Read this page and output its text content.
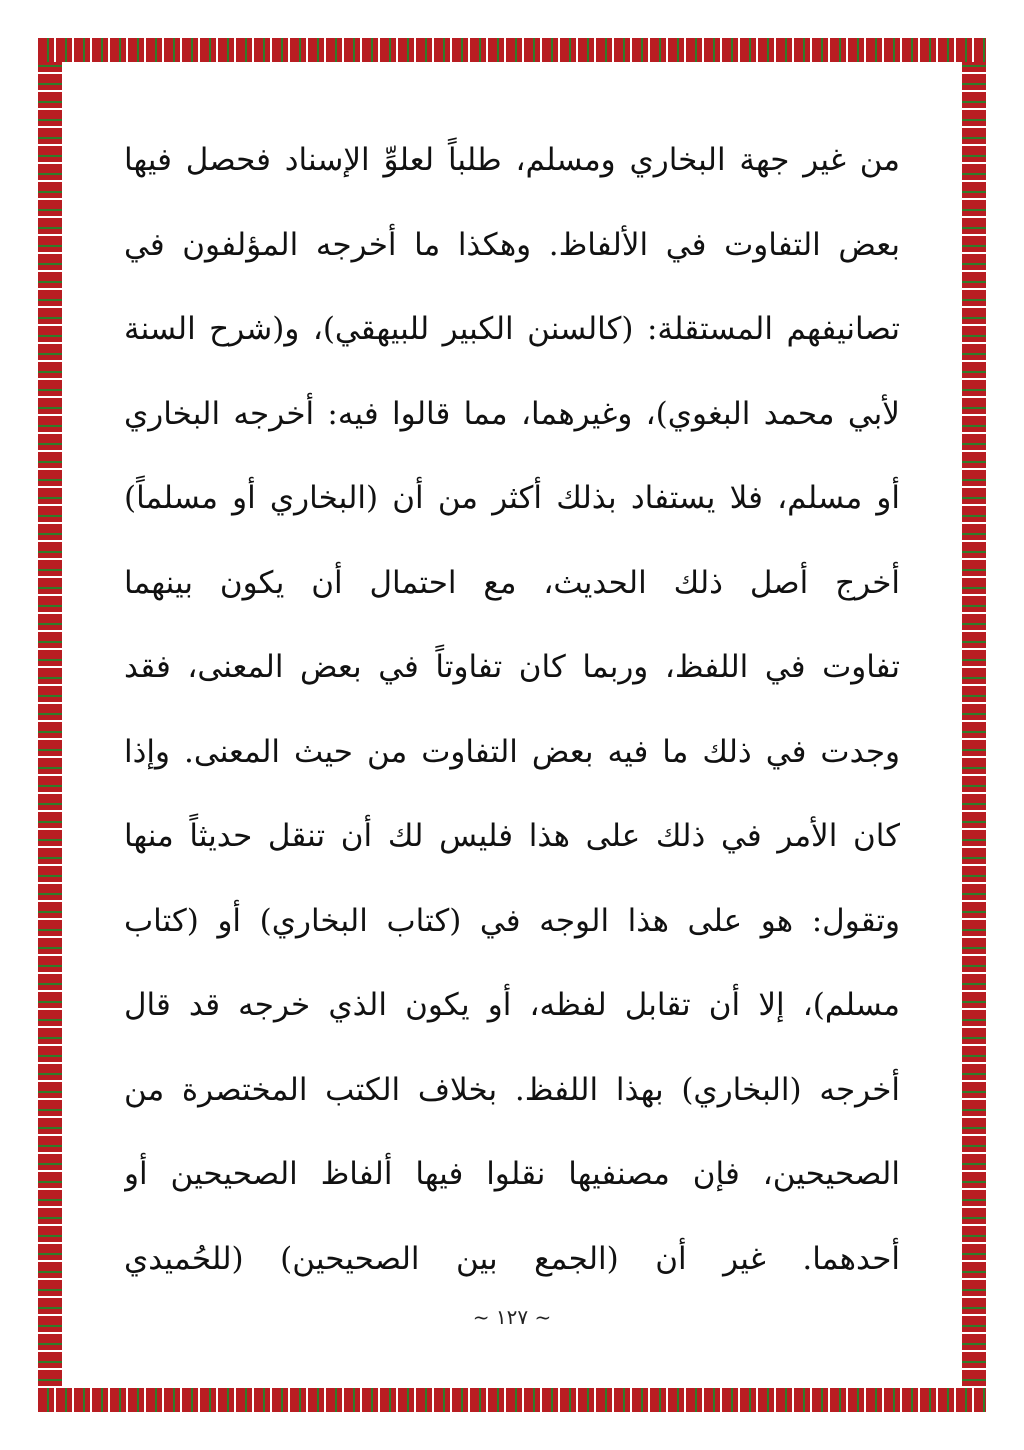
من غير جهة البخاري ومسلم، طلباً لعلوِّ الإسناد فحصل فيها
بعض التفاوت في الألفاظ. وهكذا ما أخرجه المؤلفون في
تصانيفهم المستقلة: (كالسنن الكبير للبيهقي)، و(شرح السنة
لأبي محمد البغوي)، وغيرهما، مما قالوا فيه: أخرجه البخاري
أو مسلم، فلا يستفاد بذلك أكثر من أن (البخاري أو مسلماً)
أخرج أصل ذلك الحديث، مع احتمال أن يكون بينهما
تفاوت في اللفظ، وربما كان تفاوتاً في بعض المعنى، فقد
وجدت في ذلك ما فيه بعض التفاوت من حيث المعنى. وإذا
كان الأمر في ذلك على هذا فليس لك أن تنقل حديثاً منها
وتقول: هو على هذا الوجه في (كتاب البخاري) أو (كتاب
مسلم)، إلا أن تقابل لفظه، أو يكون الذي خرجه قد قال
أخرجه (البخاري) بهذا اللفظ. بخلاف الكتب المختصرة من
الصحيحين، فإن مصنفيها نقلوا فيها ألفاظ الصحيحين أو
أحدهما. غير أن (الجمع بين الصحيحين) (للحُميدي
~ ١٢٧ ~
